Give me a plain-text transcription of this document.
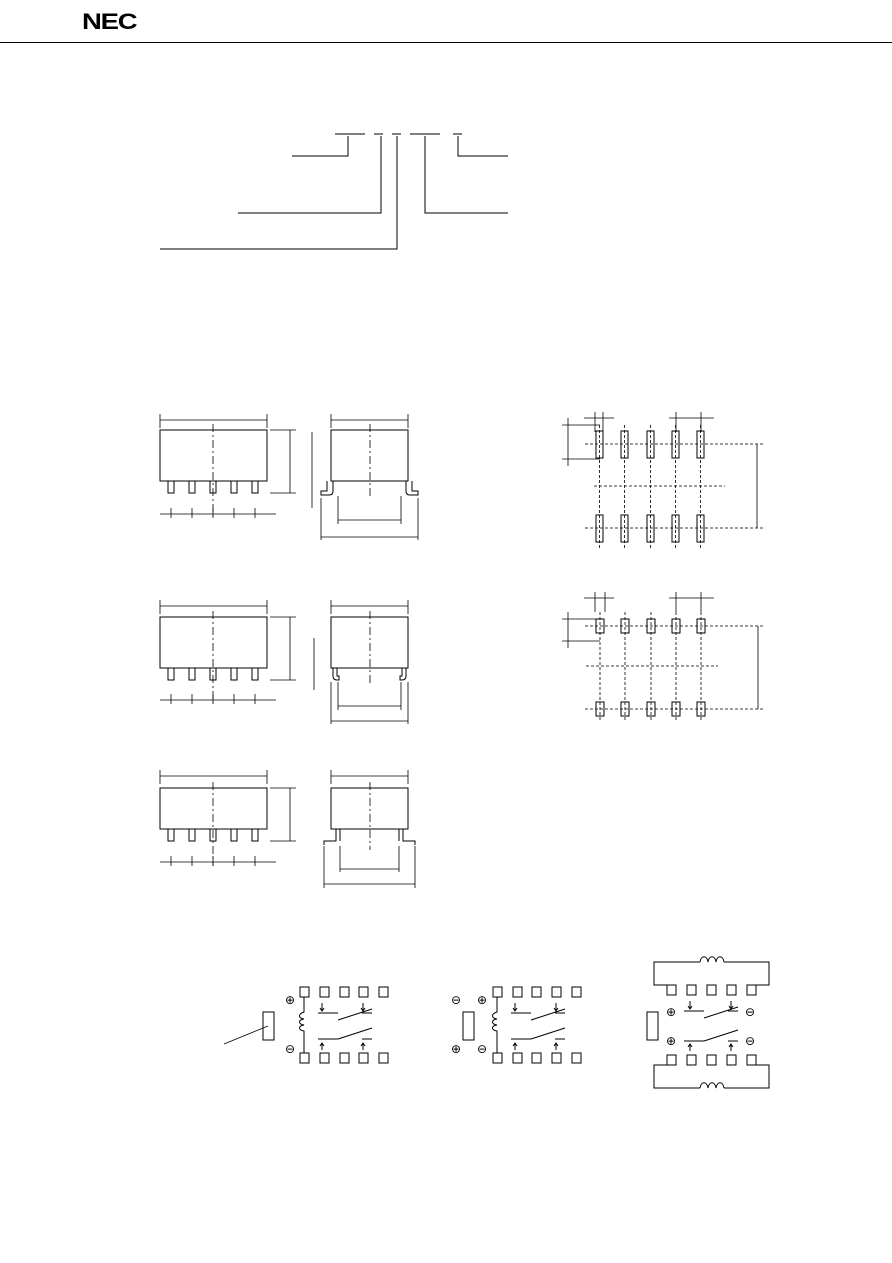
NEC
⊕
⊖
⊖ ⊕
⊕ ⊖
⊕	⊖
⊕	⊖
